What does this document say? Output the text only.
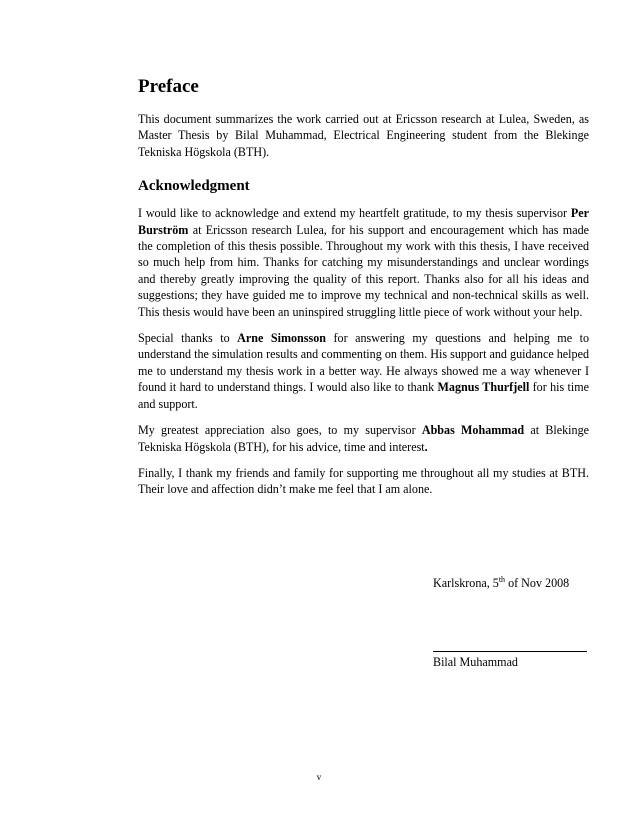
Preface

This document summarizes the work carried out at Ericsson research at Lulea, Sweden, as Master Thesis by Bilal Muhammad, Electrical Engineering student from the Blekinge Tekniska Högskola (BTH).

Acknowledgment

I would like to acknowledge and extend my heartfelt gratitude, to my thesis supervisor Per Burström at Ericsson research Lulea, for his support and encouragement which has made the completion of this thesis possible. Throughout my work with this thesis, I have received so much help from him. Thanks for catching my misunderstandings and unclear wordings and thereby greatly improving the quality of this report. Thanks also for all his ideas and suggestions; they have guided me to improve my technical and non-technical skills as well. This thesis would have been an uninspired struggling little piece of work without your help.

Special thanks to Arne Simonsson for answering my questions and helping me to understand the simulation results and commenting on them. His support and guidance helped me to understand my thesis work in a better way. He always showed me a way whenever I found it hard to understand things. I would also like to thank Magnus Thurfjell for his time and support.

My greatest appreciation also goes, to my supervisor Abbas Mohammad at Blekinge Tekniska Högskola (BTH), for his advice, time and interest.

Finally, I thank my friends and family for supporting me throughout all my studies at BTH. Their love and affection didn’t make me feel that I am alone.

Karlskrona, 5th of Nov 2008
Bilal Muhammad
v
